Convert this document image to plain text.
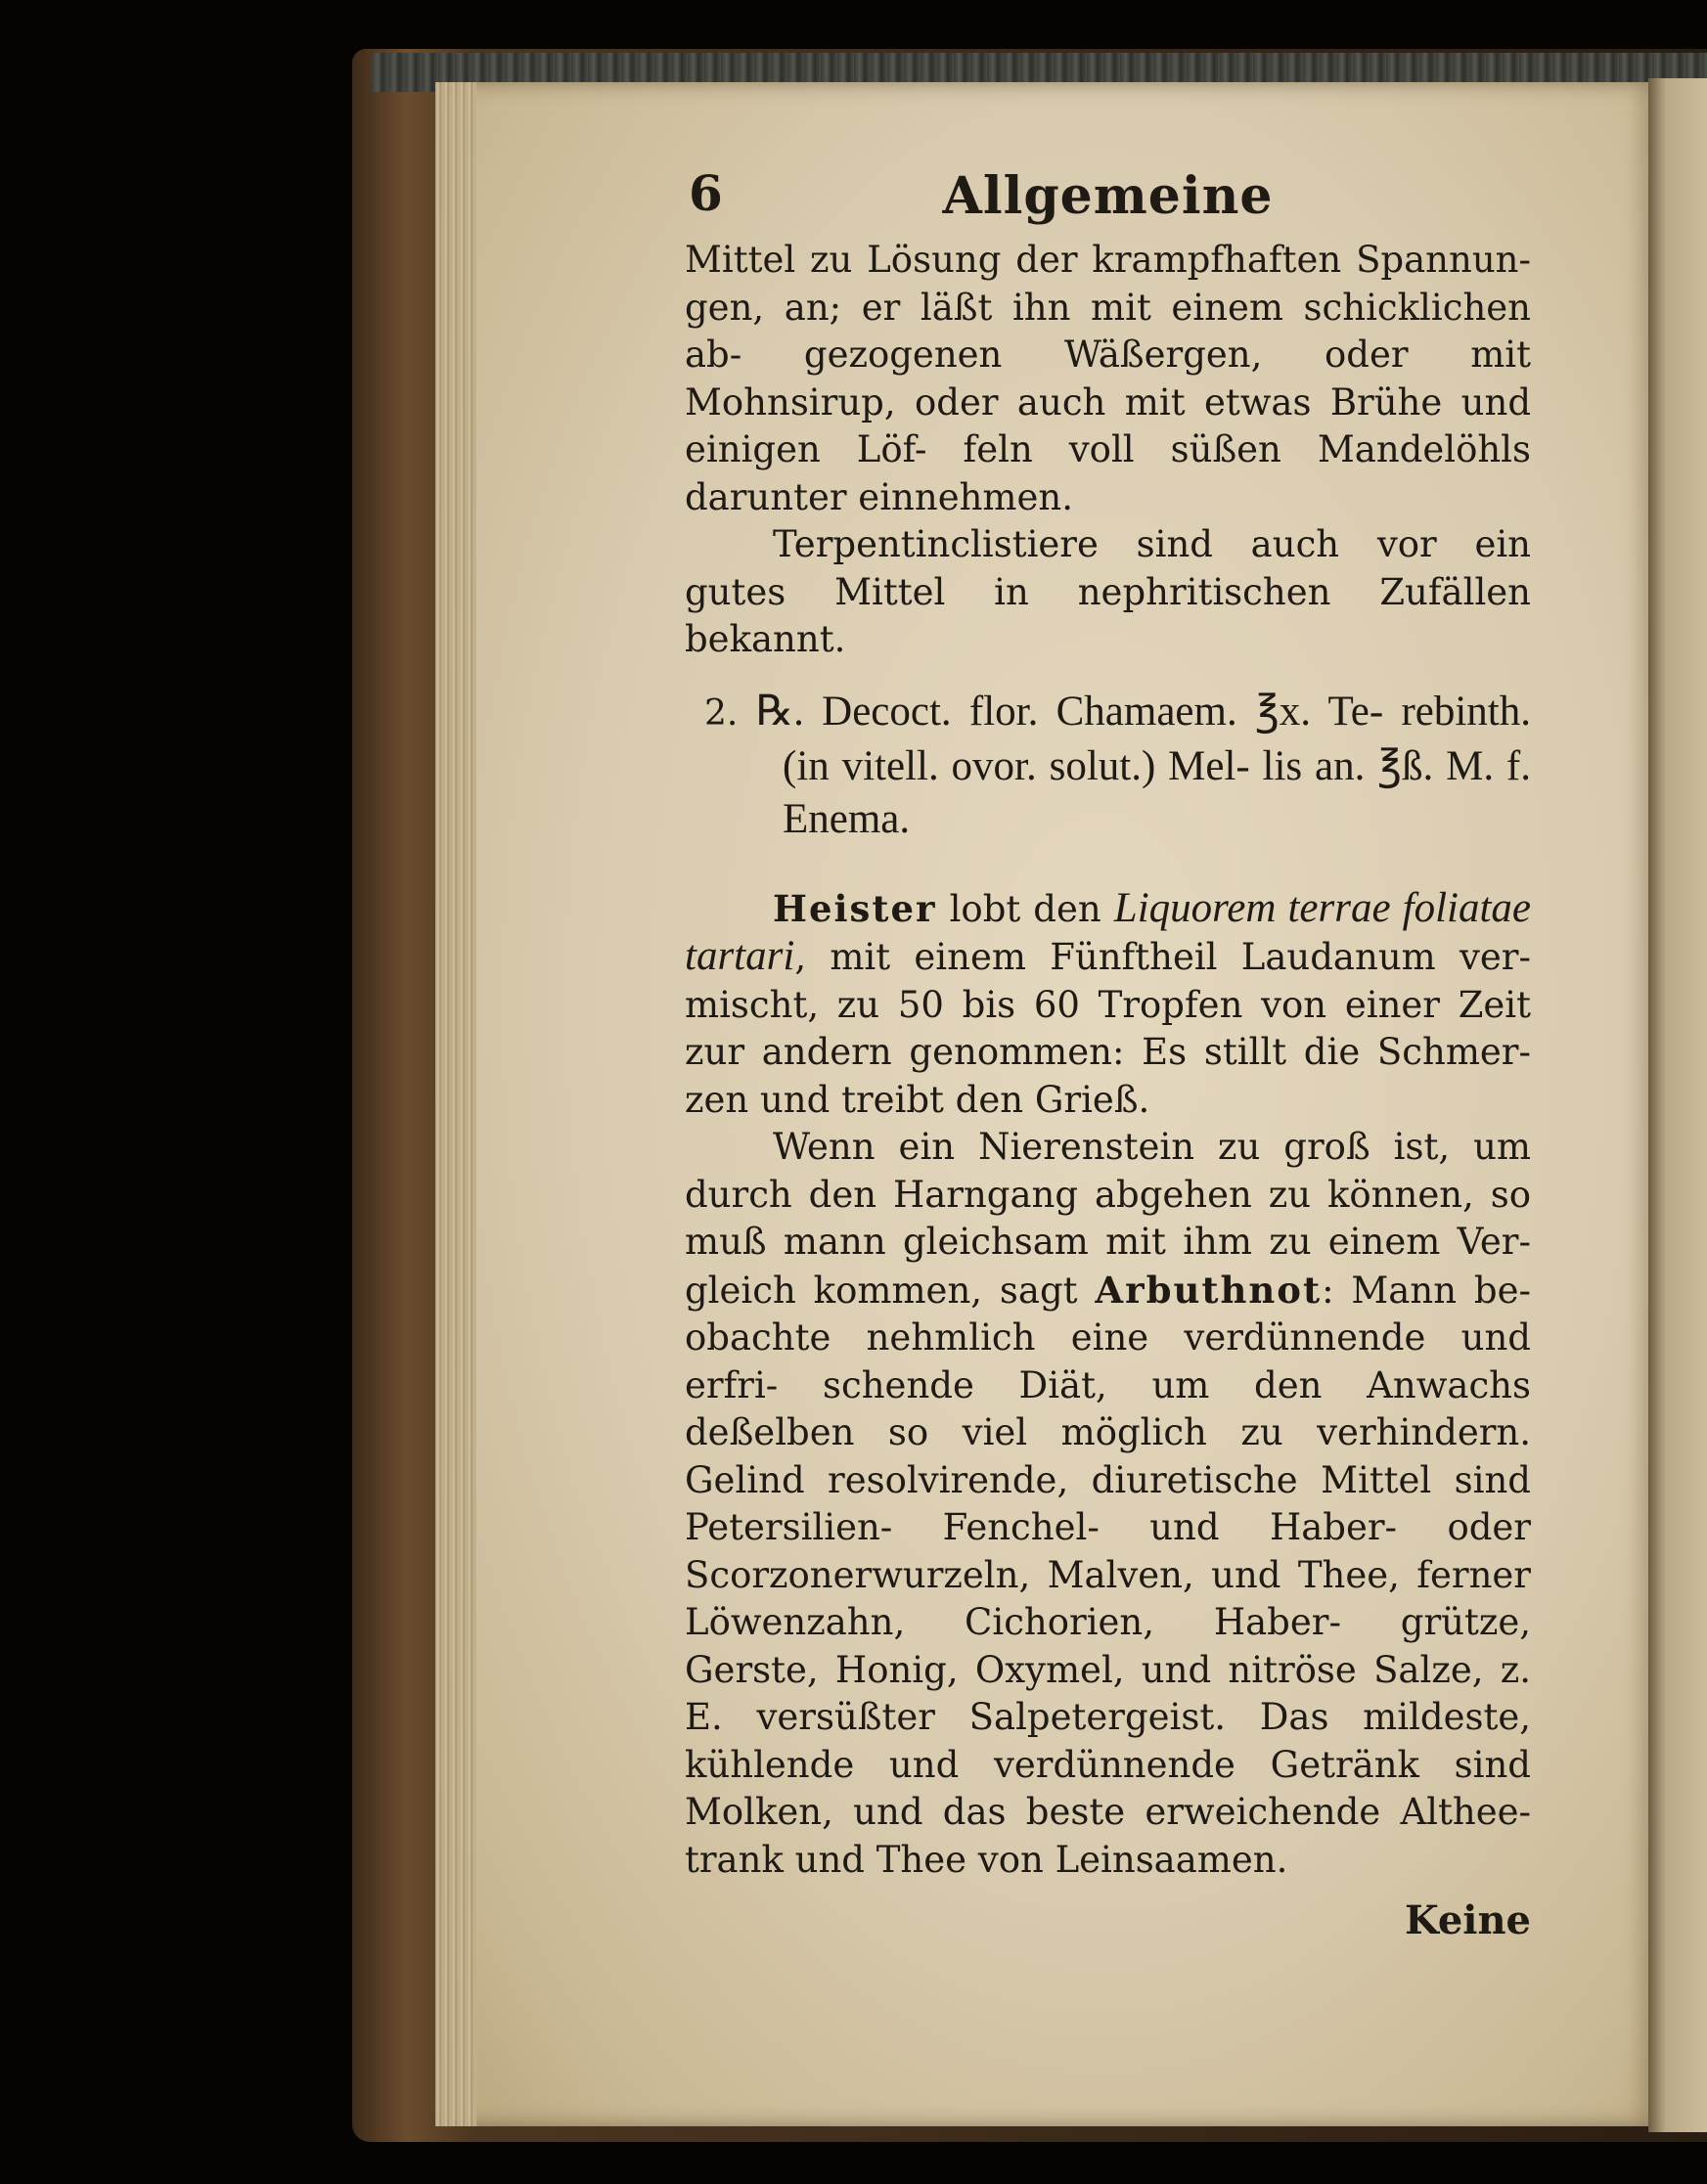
6	Allgemeine

Mittel zu Lösung der krampfhaften Spannun- gen, an; er läßt ihn mit einem schicklichen ab- gezogenen Wäßergen, oder mit Mohnsirup, oder auch mit etwas Brühe und einigen Löf- feln voll süßen Mandelöhls darunter einnehmen.

Terpentinclistiere sind auch vor ein gutes Mittel in nephritischen Zufällen bekannt.

2. ℞. Decoct. flor. Chamaem. ℥x. Te- rebinth. (in vitell. ovor. solut.) Mel- lis an. ℥ß. M. f. Enema.

Heister lobt den Liquorem terrae foliatae tartari, mit einem Fünftheil Laudanum ver- mischt, zu 50 bis 60 Tropfen von einer Zeit zur andern genommen: Es stillt die Schmer- zen und treibt den Grieß.

Wenn ein Nierenstein zu groß ist, um durch den Harngang abgehen zu können, so muß mann gleichsam mit ihm zu einem Ver- gleich kommen, sagt Arbuthnot: Mann be- obachte nehmlich eine verdünnende und erfri- schende Diät, um den Anwachs deßelben so viel möglich zu verhindern. Gelind resolvirende, diuretische Mittel sind Petersilien- Fenchel- und Haber- oder Scorzonerwurzeln, Malven, und Thee, ferner Löwenzahn, Cichorien, Haber- grütze, Gerste, Honig, Oxymel, und nitröse Salze, z. E. versüßter Salpetergeist. Das mildeste, kühlende und verdünnende Getränk sind Molken, und das beste erweichende Althee- trank und Thee von Leinsaamen.

Keine
